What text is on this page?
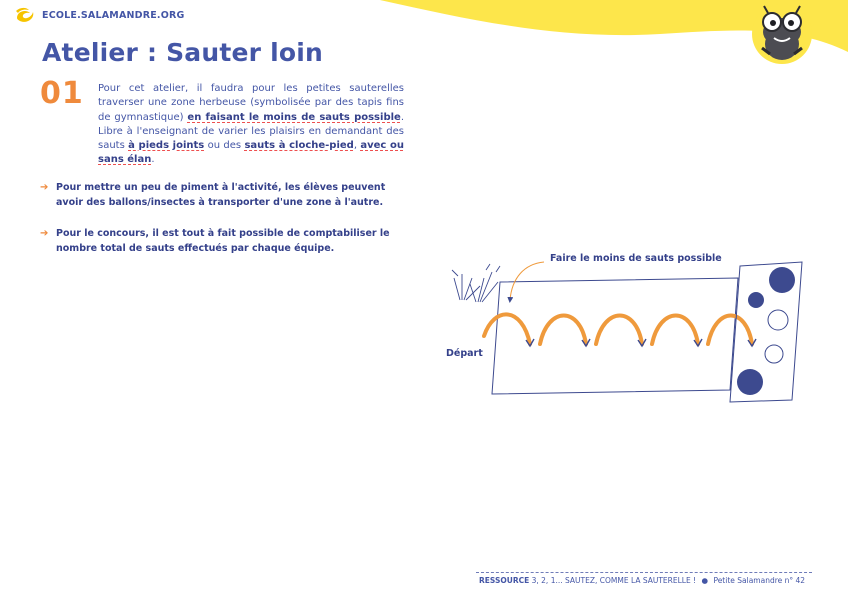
ECOLE.SALAMANDRE.ORG
Atelier : Sauter loin
01 Pour cet atelier, il faudra pour les petites sauterelles traverser une zone herbeuse (symbolisée par des tapis fins de gymnastique) en faisant le moins de sauts possible. Libre à l'enseignant de varier les plaisirs en demandant des sauts à pieds joints ou des sauts à cloche-pied, avec ou sans élan.

➔ Pour mettre un peu de piment à l'activité, les élèves peuvent avoir des ballons/insectes à transporter d'une zone à l'autre.
➔ Pour le concours, il est tout à fait possible de comptabiliser le nombre total de sauts effectués par chaque équipe.
Faire le moins de sauts possible
Départ
RESSOURCE 3, 2, 1... SAUTEZ, COMME LA SAUTERELLE ! ● Petite Salamandre n° 42
